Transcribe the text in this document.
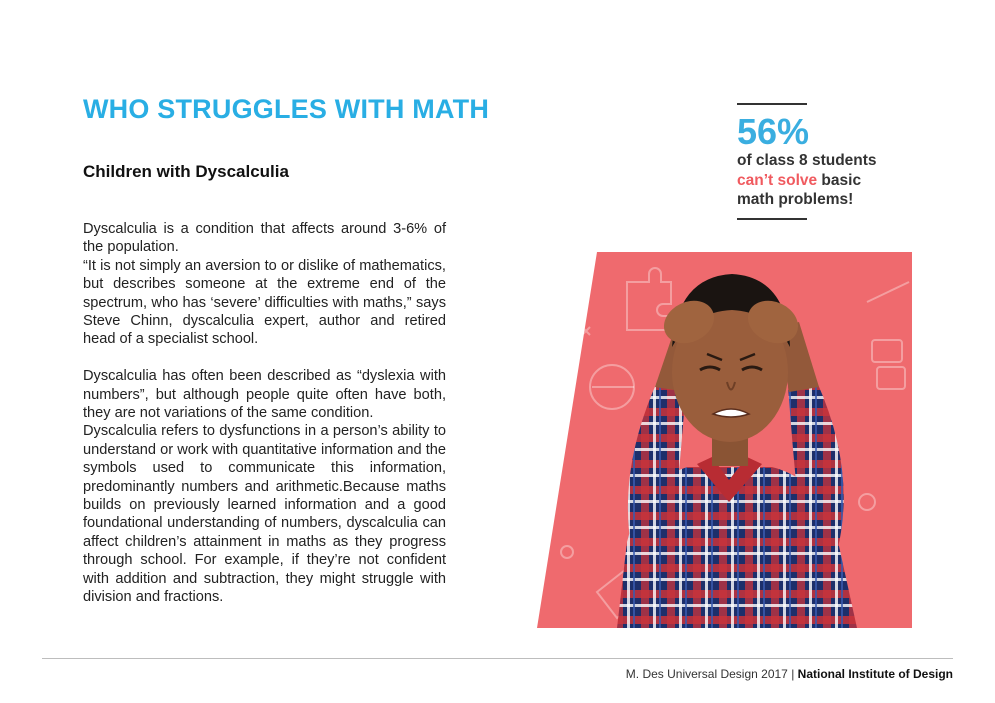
WHO STRUGGLES WITH MATH
Children with Dyscalculia

Dyscalculia is a condition that affects around 3-6% of the population.

“It is not simply an aversion to or dislike of mathematics, but describes someone at the extreme end of the spectrum, who has ‘severe’ difficulties with maths,” says Steve Chinn, dyscalculia expert, author and retired head of a specialist school.

Dyscalculia has often been described as “dyslexia with numbers”, but although people quite often have both, they are not variations of the same condition.

Dyscalculia refers to dysfunctions in a person’s ability to understand or work with quantitative information and the symbols used to communicate this information, predominantly numbers and arithmetic.Because maths builds on previously learned information and a good foundational understanding of numbers, dyscalculia can affect children’s attainment in maths as they progress through school. For example, if they’re not confident with addition and subtraction, they might struggle with division and fractions.

56%
of class 8 students
can’t solve basic
math problems!
M. Des Universal Design 2017 | National Institute of Design
